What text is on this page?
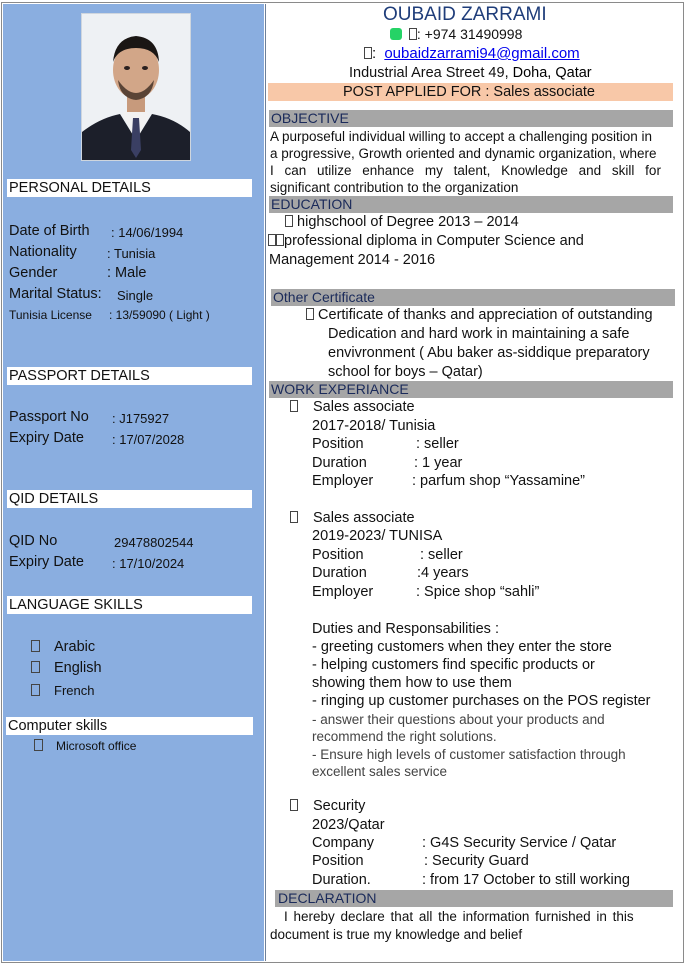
OUBAID ZARRAMI
: +974 31490998
: oubaidzarrami94@gmail.com
Industrial Area Street 49, Doha, Qatar
POST APPLIED FOR : Sales associate
PERSONAL DETAILS
Date of Birth : 14/06/1994
Nationality : Tunisia
Gender	: Male
Marital Status: Single
Tunisia License : 13/59090 ( Light )
PASSPORT DETAILS
Passport No : J175927
Expiry Date : 17/07/2028
QID DETAILS
QID No	29478802544
Expiry Date : 17/10/2024
LANGUAGE SKILLS
Arabic
English
French
Computer skills
Microsoft office
OBJECTIVE
A purposeful individual willing to accept a challenging position in
a progressive, Growth oriented and dynamic organization, where
I can utilize enhance my talent, Knowledge and skill for
significant contribution to the organization
EDUCATION
highschool of Degree 2013 – 2014
professional diploma in Computer Science and
Management 2014 - 2016
Other Certificate
Certificate of thanks and appreciation of outstanding
Dedication and hard work in maintaining a safe
envivronment ( Abu baker as-siddique preparatory
school for boys – Qatar)
WORK EXPERIANCE
Sales associate
2017-2018/ Tunisia
Position	: seller
Duration	: 1 year
Employer	: parfum shop “Yassamine”
Sales associate
2019-2023/ TUNISA
Position	: seller
Duration	:4 years
Employer	: Spice shop “sahli”
Duties and Responsabilities :
- greeting customers when they enter the store
- helping customers find specific products or
showing them how to use them
- ringing up customer purchases on the POS register
- answer their questions about your products and
recommend the right solutions.
- Ensure high levels of customer satisfaction through
excellent sales service
Security
2023/Qatar
Company	: G4S Security Service / Qatar
Position	: Security Guard
Duration.	: from 17 October to still working
DECLARATION
I hereby declare that all the information furnished in this
document is true my knowledge and belief
